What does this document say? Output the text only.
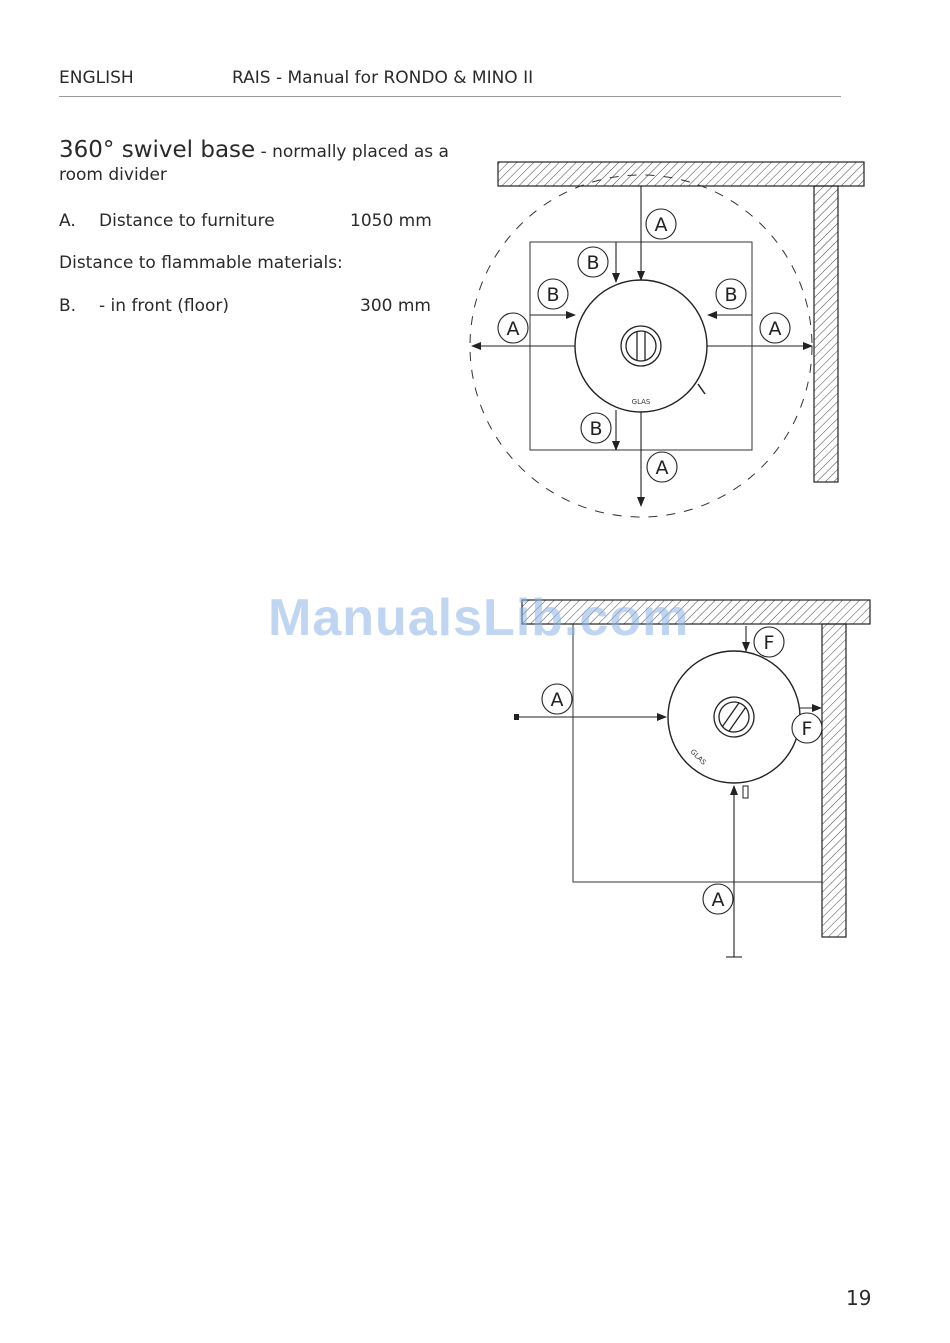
ENGLISH	RAIS - Manual for RONDO & MINO II
360° swivel base - normally placed as a room divider
A. Distance to furniture	1050 mm
Distance to flammable materials:
B. - in front (floor)	300 mm
GLAS
A
A
A	A
B
B
B	B
GLAS
A
A
F
F
ManualsLib.com
19
